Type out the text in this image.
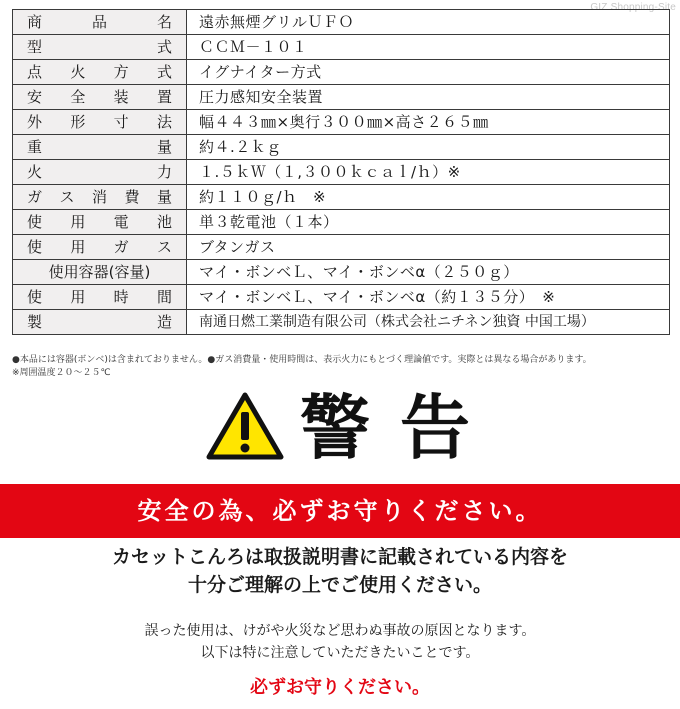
GIZ Shopping-Site
商品名	遠赤無煙グリルＵＦＯ
型式	ＣＣＭ－１０１
点火方式	イグナイター方式
安全装置	圧力感知安全装置
外形寸法	幅４４３㎜×奥行３００㎜×高さ２６５㎜
重量	約４.２ｋｇ
火力	１.５ｋＷ（１,３００ｋｃａｌ/ｈ）※
ガス消費量	約１１０ｇ/ｈ　※
使用電池	単３乾電池（１本）
使用ガス	ブタンガス
使用容器(容量)	マイ・ボンベＬ、マイ・ボンベα（２５０ｇ）
使用時間	マイ・ボンベＬ、マイ・ボンベα（約１３５分）　※
製造	南通日燃工業制造有限公司（株式会社ニチネン独資 中国工場）
●本品には容器(ボンベ)は含まれておりません。●ガス消費量・使用時間は、表示火力にもとづく理論値です。実際とは異なる場合があります。
※周囲温度２０～２５℃
警告
安全の為、必ずお守りください。
カセットこんろは取扱説明書に記載されている内容を
十分ご理解の上でご使用ください。
誤った使用は、けがや火災など思わぬ事故の原因となります。
以下は特に注意していただきたいことです。
必ずお守りください。
